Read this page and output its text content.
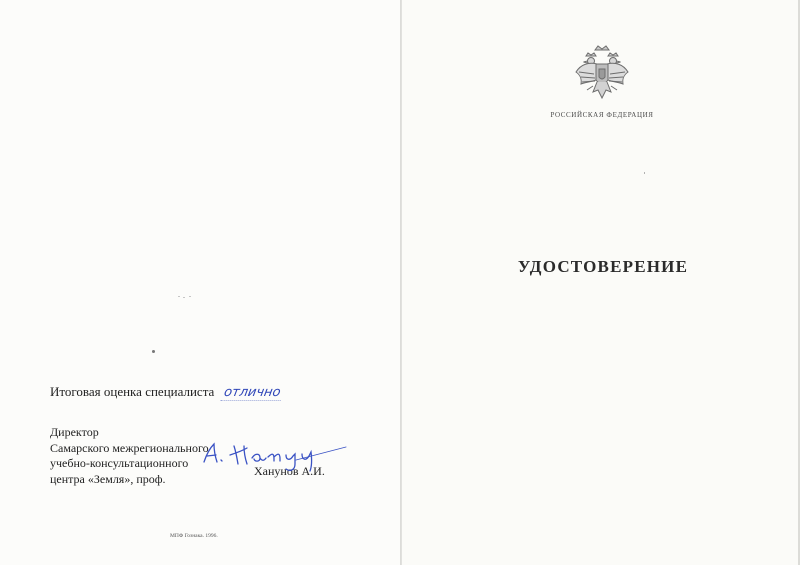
РОССИЙСКАЯ ФЕДЕРАЦИЯ
УДОСТОВЕРЕНИЕ
Итоговая оценка специалиста отлично
Директор
Самарского межрегионального
учебно-консультационного
центра «Земля», проф.
Ханунов А.И.
МПФ Гознака. 1996.
